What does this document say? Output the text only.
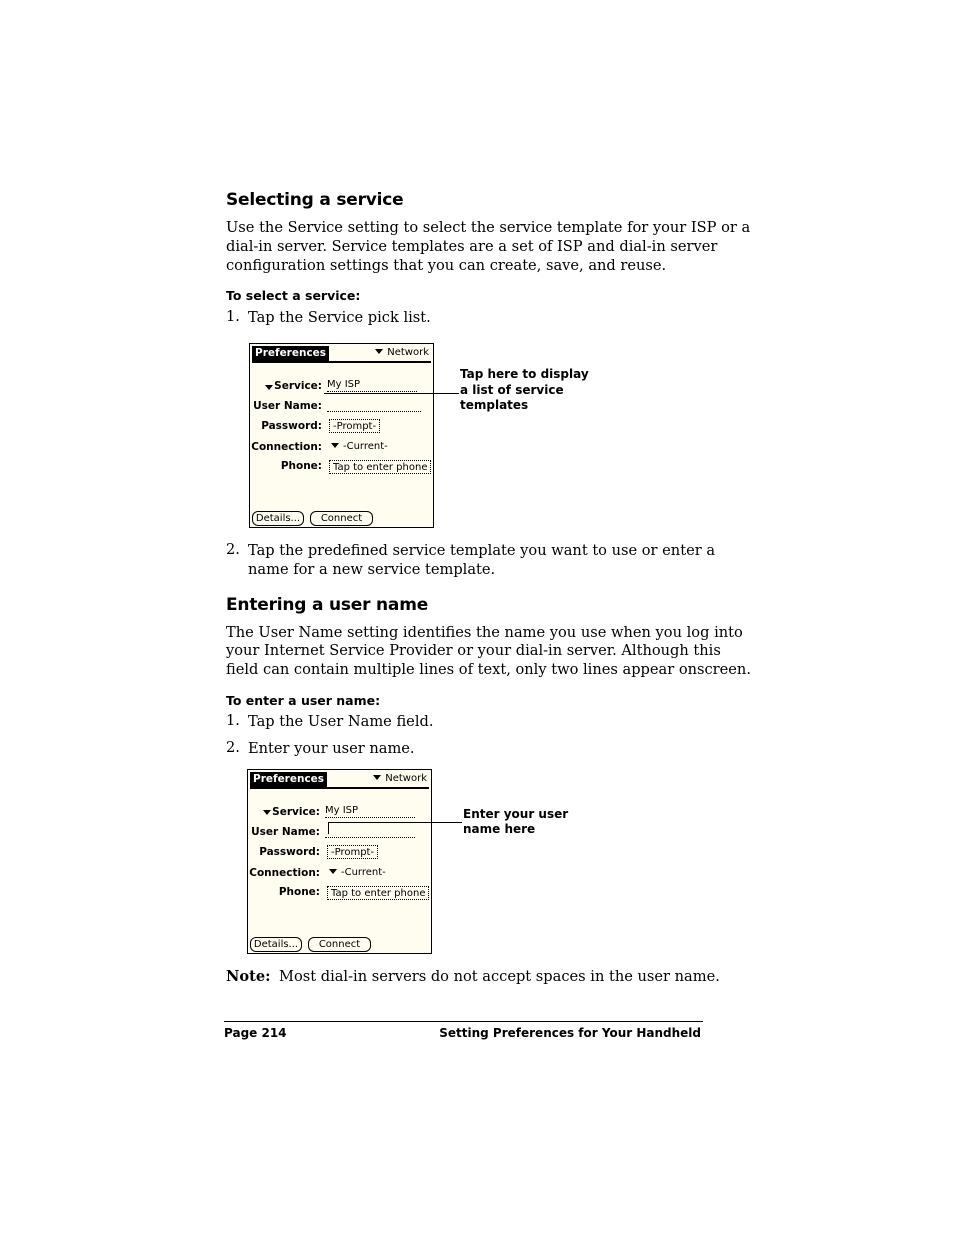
Selecting a service
Use the Service setting to select the service template for your ISP or a
dial-in server. Service templates are a set of ISP and dial-in server
configuration settings that you can create, save, and reuse.
To select a service:
1. Tap the Service pick list.
Preferences	Network
Service: My ISP
User Name:
Password:	-Prompt-
Connection:	-Current-
Phone:	Tap to enter phone
Details...	Connect
Tap here to display
a list of service
templates
2. Tap the predefined service template you want to use or enter a
name for a new service template.
Entering a user name
The User Name setting identifies the name you use when you log into
your Internet Service Provider or your dial-in server. Although this
field can contain multiple lines of text, only two lines appear onscreen.
To enter a user name:
1. Tap the User Name field.
2. Enter your user name.
Preferences	Network
Service: My ISP
User Name:
Password:	-Prompt-
Connection:	-Current-
Phone:	Tap to enter phone
Details...	Connect
Enter your user
name here
Note: Most dial-in servers do not accept spaces in the user name.
Page 214	Setting Preferences for Your Handheld
